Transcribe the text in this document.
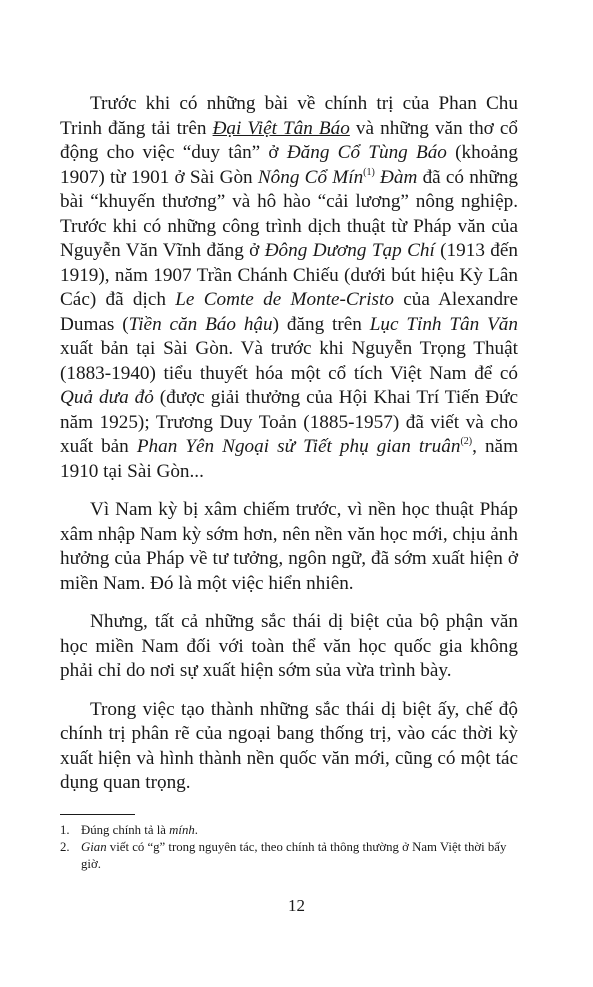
Trước khi có những bài về chính trị của Phan Chu Trinh đăng tải trên Đại Việt Tân Báo và những văn thơ cổ động cho việc “duy tân” ở Đăng Cổ Tùng Báo (khoảng 1907) từ 1901 ở Sài Gòn Nông Cổ Mín$^{(1)}$ Đàm đã có những bài “khuyến thương” và hô hào “cải lương” nông nghiệp. Trước khi có những công trình dịch thuật từ Pháp văn của Nguyễn Văn Vĩnh đăng ở Đông Dương Tạp Chí (1913 đến 1919), năm 1907 Trần Chánh Chiếu (dưới bút hiệu Kỳ Lân Các) đã dịch Le Comte de Monte-Cristo của Alexandre Dumas (Tiền căn Báo hậu) đăng trên Lục Tỉnh Tân Văn xuất bản tại Sài Gòn. Và trước khi Nguyễn Trọng Thuật (1883-1940) tiểu thuyết hóa một cổ tích Việt Nam để có Quả dưa đỏ (được giải thưởng của Hội Khai Trí Tiến Đức năm 1925); Trương Duy Toản (1885-1957) đã viết và cho xuất bản Phan Yên Ngoại sử Tiết phụ gian truân$^{(2)}$, năm 1910 tại Sài Gòn...

Vì Nam kỳ bị xâm chiếm trước, vì nền học thuật Pháp xâm nhập Nam kỳ sớm hơn, nên nền văn học mới, chịu ảnh hưởng của Pháp về tư tưởng, ngôn ngữ, đã sớm xuất hiện ở miền Nam. Đó là một việc hiển nhiên.

Nhưng, tất cả những sắc thái dị biệt của bộ phận văn học miền Nam đối với toàn thể văn học quốc gia không phải chỉ do nơi sự xuất hiện sớm sủa vừa trình bày.

Trong việc tạo thành những sắc thái dị biệt ấy, chế độ chính trị phân rẽ của ngoại bang thống trị, vào các thời kỳ xuất hiện và hình thành nền quốc văn mới, cũng có một tác dụng quan trọng.

1. Đúng chính tả là mính.
2. Gian viết có “g” trong nguyên tác, theo chính tả thông thường ở Nam Việt thời bấy giờ.
12
